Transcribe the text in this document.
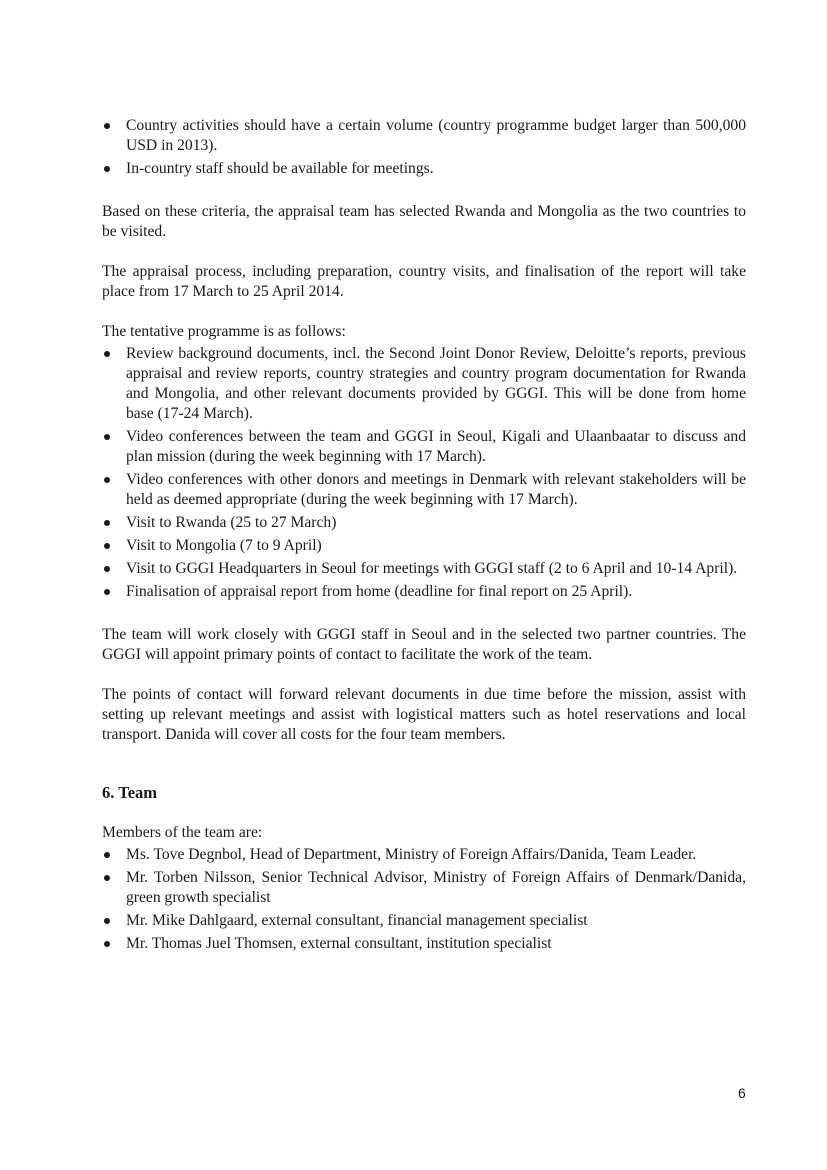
Country activities should have a certain volume (country programme budget larger than 500,000 USD in 2013).
In-country staff should be available for meetings.

Based on these criteria, the appraisal team has selected Rwanda and Mongolia as the two countries to be visited.

The appraisal process, including preparation, country visits, and finalisation of the report will take place from 17 March to 25 April 2014.

The tentative programme is as follows:

Review background documents, incl. the Second Joint Donor Review, Deloitte’s reports, previous appraisal and review reports, country strategies and country program documentation for Rwanda and Mongolia, and other relevant documents provided by GGGI. This will be done from home base (17-24 March).
Video conferences between the team and GGGI in Seoul, Kigali and Ulaanbaatar to discuss and plan mission (during the week beginning with 17 March).
Video conferences with other donors and meetings in Denmark with relevant stakeholders will be held as deemed appropriate (during the week beginning with 17 March).
Visit to Rwanda (25 to 27 March)
Visit to Mongolia (7 to 9 April)
Visit to GGGI Headquarters in Seoul for meetings with GGGI staff (2 to 6 April and 10-14 April).
Finalisation of appraisal report from home (deadline for final report on 25 April).

The team will work closely with GGGI staff in Seoul and in the selected two partner countries. The GGGI will appoint primary points of contact to facilitate the work of the team.

The points of contact will forward relevant documents in due time before the mission, assist with setting up relevant meetings and assist with logistical matters such as hotel reservations and local transport. Danida will cover all costs for the four team members.

6. Team

Members of the team are:

Ms. Tove Degnbol, Head of Department, Ministry of Foreign Affairs/Danida, Team Leader.
Mr. Torben Nilsson, Senior Technical Advisor, Ministry of Foreign Affairs of Denmark/Danida, green growth specialist
Mr. Mike Dahlgaard, external consultant, financial management specialist
Mr. Thomas Juel Thomsen, external consultant, institution specialist
6
